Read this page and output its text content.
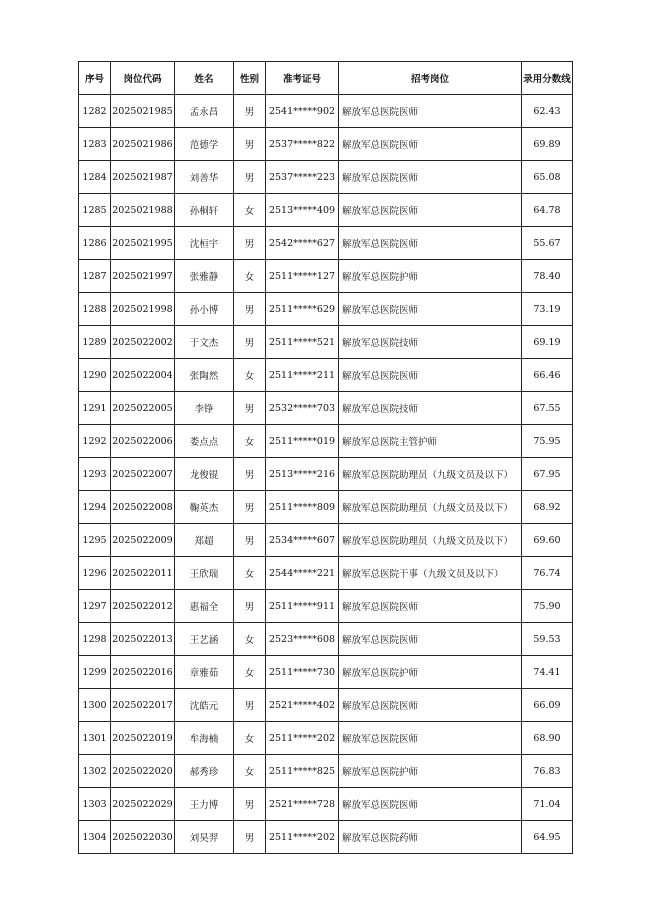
序号	岗位代码	姓名	性别	准考证号	招考岗位	录用分数线
1282	2025021985	孟永昌	男	2541*****902	解放军总医院医师	62.43
1283	2025021986	范德学	男	2537*****822	解放军总医院医师	69.89
1284	2025021987	刘善华	男	2537*****223	解放军总医院医师	65.08
1285	2025021988	孙桐轩	女	2513*****409	解放军总医院医师	64.78
1286	2025021995	沈桓宇	男	2542*****627	解放军总医院医师	55.67
1287	2025021997	张雅静	女	2511*****127	解放军总医院护师	78.40
1288	2025021998	孙小博	男	2511*****629	解放军总医院医师	73.19
1289	2025022002	于文杰	男	2511*****521	解放军总医院技师	69.19
1290	2025022004	张陶然	女	2511*****211	解放军总医院医师	66.46
1291	2025022005	李铮	男	2532*****703	解放军总医院技师	67.55
1292	2025022006	娄点点	女	2511*****019	解放军总医院主管护师	75.95
1293	2025022007	龙俊锟	男	2513*****216	解放军总医院助理员（九级文员及以下）	67.95
1294	2025022008	鞠英杰	男	2511*****809	解放军总医院助理员（九级文员及以下）	68.92
1295	2025022009	郑超	男	2534*****607	解放军总医院助理员（九级文员及以下）	69.60
1296	2025022011	王欣瑞	女	2544*****221	解放军总医院干事（九级文员及以下）	76.74
1297	2025022012	惠福全	男	2511*****911	解放军总医院医师	75.90
1298	2025022013	王艺涵	女	2523*****608	解放军总医院医师	59.53
1299	2025022016	章雅茹	女	2511*****730	解放军总医院护师	74.41
1300	2025022017	沈皓元	男	2521*****402	解放军总医院医师	66.09
1301	2025022019	牟海楠	女	2511*****202	解放军总医院医师	68.90
1302	2025022020	郝秀珍	女	2511*****825	解放军总医院护师	76.83
1303	2025022029	王力博	男	2521*****728	解放军总医院医师	71.04
1304	2025022030	刘昊羿	男	2511*****202	解放军总医院药师	64.95
